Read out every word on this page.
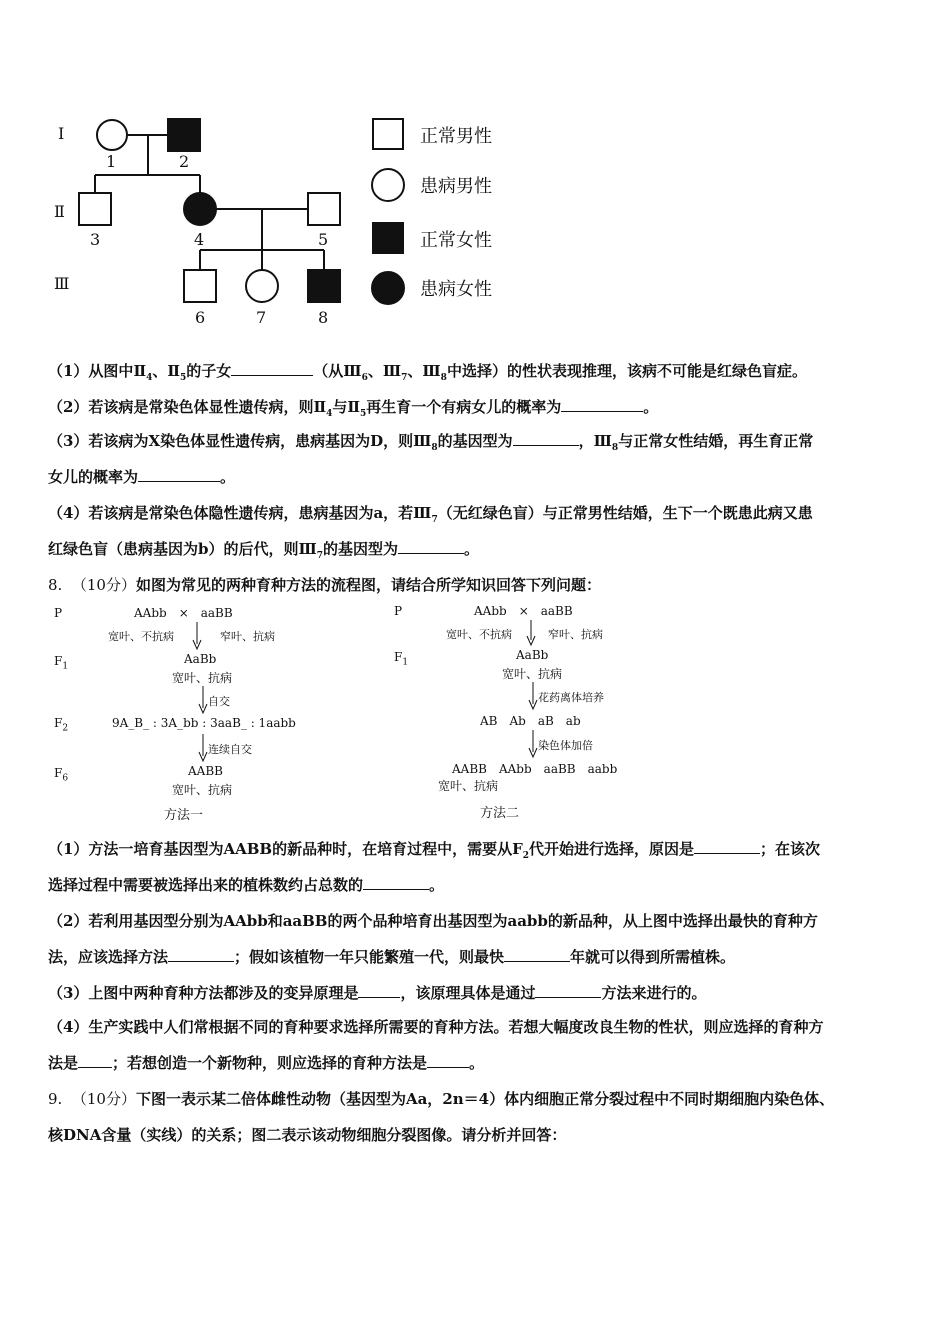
I
Ⅱ
Ⅲ
1	2
3	4	5
6	7	8
正常男性
患病男性
正常女性
患病女性
（1）从图中$Ⅱ_4$、$Ⅱ_5$的子女	（从$Ⅲ_6$、$Ⅲ_7$、$Ⅲ_8$中选择）的性状表现推理，该病不可能是红绿色盲症。
（2）若该病是常染色体显性遗传病，则$Ⅱ_4$与$Ⅱ_5$再生育一个有病女儿的概率为	。
（3）若该病为X染色体显性遗传病，患病基因为D，则$Ⅲ_8$的基因型为	，$Ⅲ_8$与正常女性结婚，再生育正常
女儿的概率为	。
（4）若该病是常染色体隐性遗传病，患病基因为a，若$Ⅲ_7$（无红绿色盲）与正常男性结婚，生下一个既患此病又患
红绿色盲（患病基因为b）的后代，则$Ⅲ_7$的基因型为	。
8. （10分）如图为常见的两种育种方法的流程图，请结合所学知识回答下列问题：
P
$F_1$
$F_2$
$F_6$
AAbb　×　aaBB
宽叶、不抗病	窄叶、抗病
AaBb
宽叶、抗病
自交
9A_B_ : 3A_bb : 3aaB_ : 1aabb
连续自交
AABB
宽叶、抗病
方法一
P
$F_1$
AAbb　×　aaBB
宽叶、不抗病	窄叶、抗病
AaBb
宽叶、抗病
花药离体培养
AB　Ab　aB　ab
染色体加倍
AABB　AAbb　aaBB　aabb
宽叶、抗病
方法二
（1）方法一培育基因型为AABB的新品种时，在培育过程中，需要从$F_2$代开始进行选择，原因是	；在该次
选择过程中需要被选择出来的植株数约占总数的	。
（2）若利用基因型分别为AAbb和aaBB的两个品种培育出基因型为aabb的新品种，从上图中选择出最快的育种方
法，应该选择方法	；假如该植物一年只能繁殖一代，则最快	年就可以得到所需植株。
（3）上图中两种育种方法都涉及的变异原理是	，该原理具体是通过	方法来进行的。
（4）生产实践中人们常根据不同的育种要求选择所需要的育种方法。若想大幅度改良生物的性状，则应选择的育种方
法是 ；若想创造一个新物种，则应选择的育种方法是	。
9. （10分）下图一表示某二倍体雌性动物（基因型为Aa，2n＝4）体内细胞正常分裂过程中不同时期细胞内染色体、
核DNA含量（实线）的关系；图二表示该动物细胞分裂图像。请分析并回答：
